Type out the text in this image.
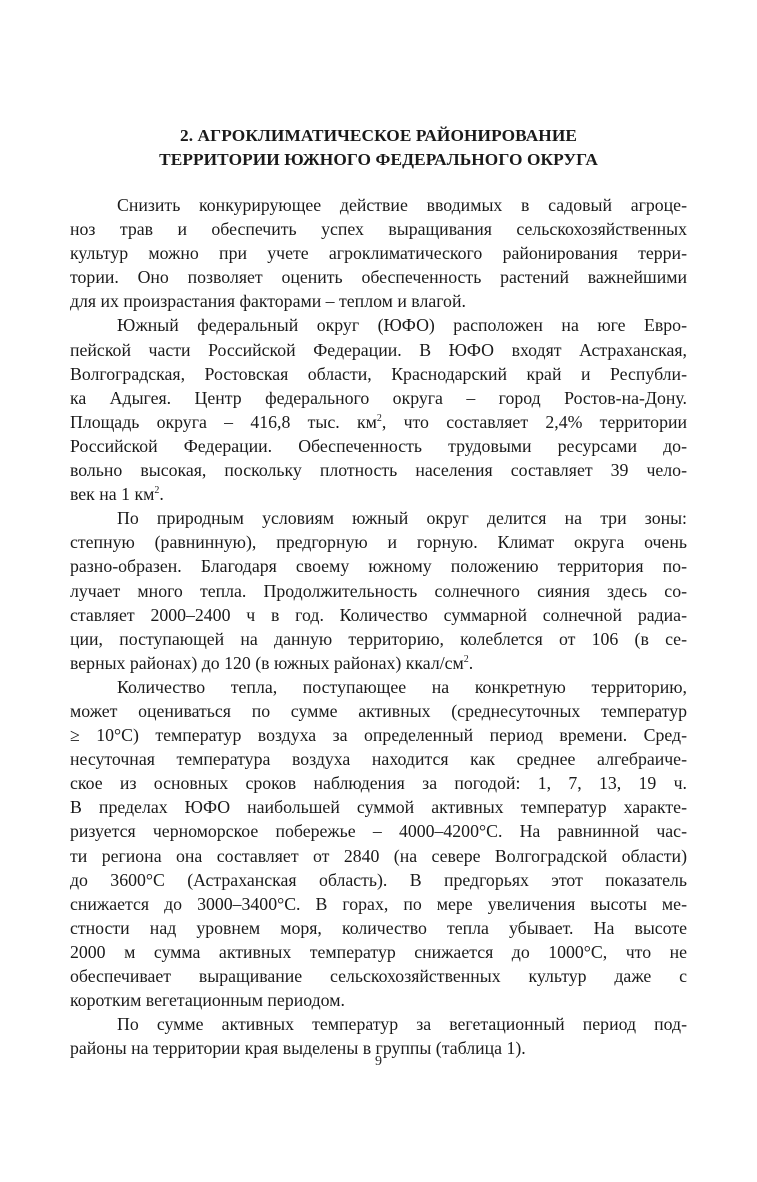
2. АГРОКЛИМАТИЧЕСКОЕ РАЙОНИРОВАНИЕ
ТЕРРИТОРИИ ЮЖНОГО ФЕДЕРАЛЬНОГО ОКРУГА
Снизить конкурирующее действие вводимых в садовый агроце-
ноз трав и обеспечить успех выращивания сельскохозяйственных
культур можно при учете агроклиматического районирования терри-
тории. Оно позволяет оценить обеспеченность растений важнейшими
для их произрастания факторами – теплом и влагой.
Южный федеральный округ (ЮФО) расположен на юге Евро-
пейской части Российской Федерации. В ЮФО входят Астраханская,
Волгоградская, Ростовская области, Краснодарский край и Республи-
ка Адыгея. Центр федерального округа – город Ростов-на-Дону.
Площадь округа – 416,8 тыс. $км^2$, что составляет 2,4% территории
Российской Федерации. Обеспеченность трудовыми ресурсами до-
вольно высокая, поскольку плотность населения составляет 39 чело-
век на 1 $км^2$.
По природным условиям южный округ делится на три зоны:
степную (равнинную), предгорную и горную. Климат округа очень
разно-образен. Благодаря своему южному положению территория по-
лучает много тепла. Продолжительность солнечного сияния здесь со-
ставляет 2000–2400 ч в год. Количество суммарной солнечной радиа-
ции, поступающей на данную территорию, колеблется от 106 (в се-
верных районах) до 120 (в южных районах) ккал/$см^2$.
Количество тепла, поступающее на конкретную территорию,
может оцениваться по сумме активных (среднесуточных температур
≥ 10°С) температур воздуха за определенный период времени. Сред-
несуточная температура воздуха находится как среднее алгебраиче-
ское из основных сроков наблюдения за погодой: 1, 7, 13, 19 ч.
В пределах ЮФО наибольшей суммой активных температур характе-
ризуется черноморское побережье – 4000–4200°С. На равнинной час-
ти региона она составляет от 2840 (на севере Волгоградской области)
до 3600°С (Астраханская область). В предгорьях этот показатель
снижается до 3000–3400°С. В горах, по мере увеличения высоты ме-
стности над уровнем моря, количество тепла убывает. На высоте
2000 м сумма активных температур снижается до 1000°С, что не
обеспечивает выращивание сельскохозяйственных культур даже с
коротким вегетационным периодом.
По сумме активных температур за вегетационный период под-
районы на территории края выделены в группы (таблица 1).
9
